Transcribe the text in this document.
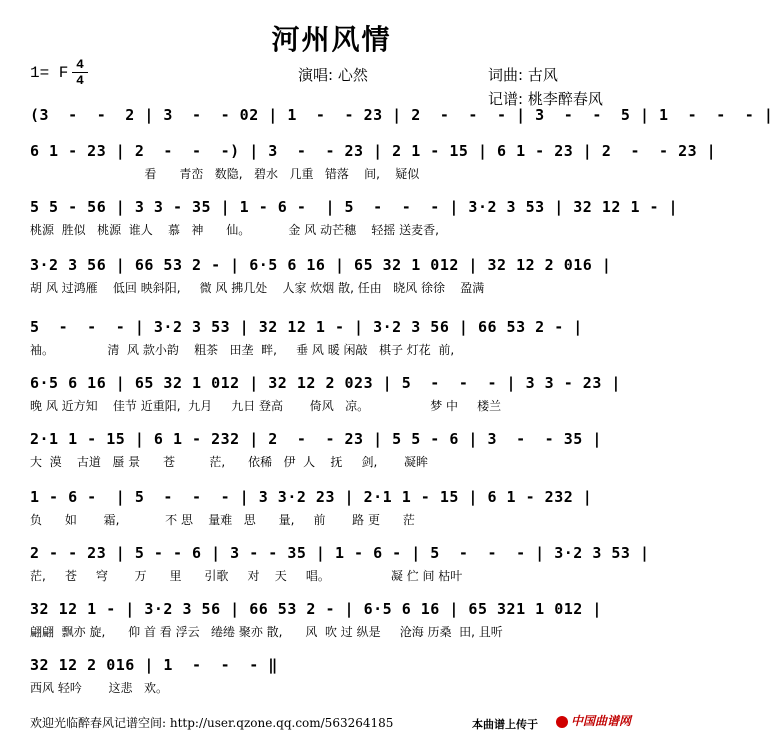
河州风情
1= F 4
4	演唱: 心然	词曲: 古风
记谱: 桃李醉春风
(3  -  -  2 | 3  -  - 02 | 1  -  - 23 | 2  -  -  - | 3  -  -  5 | 1  -  -  - |
6 1 - 23 | 2  -  -  -) | 3  -  - 23 | 2 1 - 15 | 6 1 - 23 | 2  -  - 23 |
看      青峦   数隐,   碧水   几重   错落    间,    疑似
5 5 - 56 | 3 3 - 35 | 1 - 6 -  | 5  -  -  - | 3·2 3 53 | 32 12 1 - |
桃源  胜似   桃源  谁人    慕   神      仙。          金 风 动芒穗    轻摇 送麦香,
3·2 3 56 | 66 53 2 - | 6·5 6 16 | 65 32 1 012 | 32 12 2 016 |
胡 风 过鸿雁    低回 映斜阳,     微 风 拂几处    人家 炊烟 散, 任由   晓风 徐徐    盈满
5  -  -  - | 3·2 3 53 | 32 12 1 - | 3·2 3 56 | 66 53 2 - |
袖。              清  风 款小韵    粗茶   田垄  畔,     垂 风 暖 闲敲   棋子 灯花  前,
6·5 6 16 | 65 32 1 012 | 32 12 2 023 | 5  -  -  - | 3 3 - 23 |
晚 风 近方知    佳节 近重阳,  九月     九日 登高       倚风   凉。                梦 中     楼兰
2·1 1 - 15 | 6 1 - 232 | 2  -  - 23 | 5 5 - 6 | 3  -  - 35 |
大  漠    古道   蜃 景      苍         茫,      依稀   伊  人    抚     剑,       凝眸
1 - 6 -  | 5  -  -  - | 3 3·2 23 | 2·1 1 - 15 | 6 1 - 232 |
负      如       霜,            不 思    量难   思      量,     前       路 更      茫
2 - - 23 | 5 - - 6 | 3 - - 35 | 1 - 6 - | 5  -  -  - | 3·2 3 53 |
茫,     苍     穹       万      里      引歌     对    天     唱。                凝 伫 间 枯叶
32 12 1 - | 3·2 3 56 | 66 53 2 - | 6·5 6 16 | 65 321 1 012 |
翩翩  飘亦 旋,      仰 首 看 浮云   绻绻 聚亦 散,      风  吹 过 纵是     沧海 历桑  田, 且听
32 12 2 016 | 1  -  -  - ‖
西风 轻吟       这悲   欢。
欢迎光临醉春风记谱空间: http://user.qzone.qq.com/563264185	本曲谱上传于	中国曲谱网
